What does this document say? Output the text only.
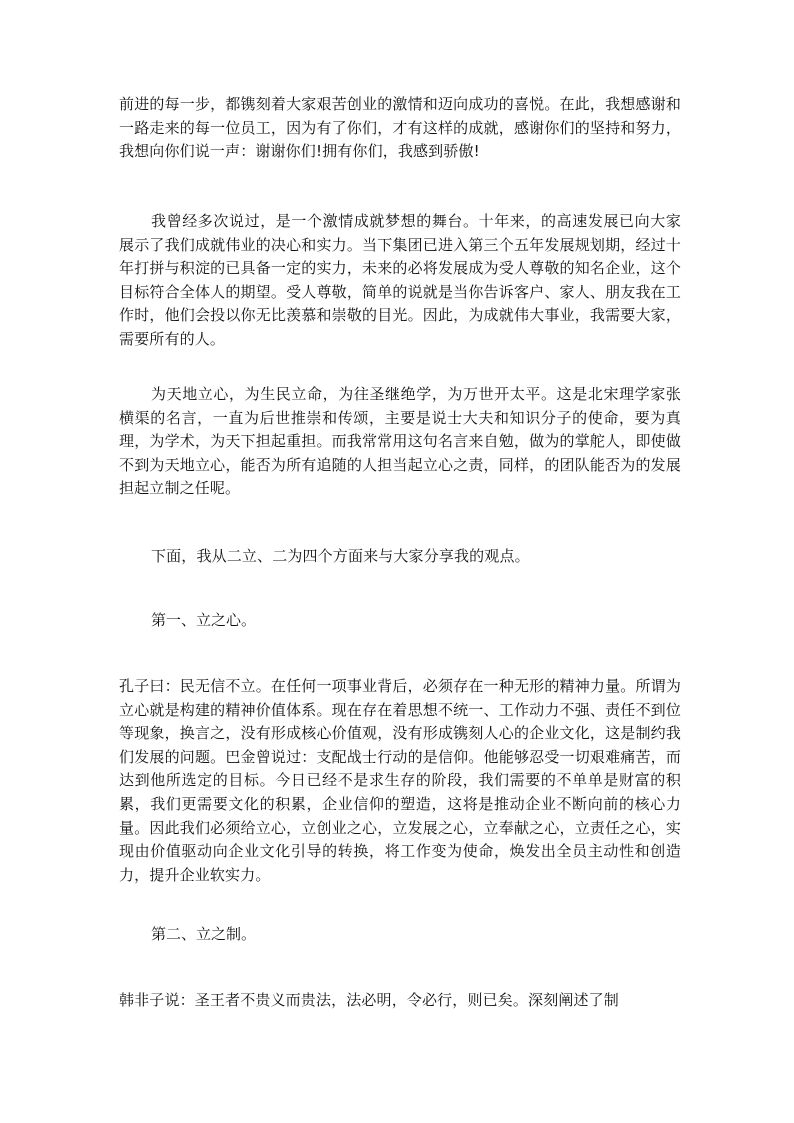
前进的每一步，都镌刻着大家艰苦创业的激情和迈向成功的喜悦。在此，我想感谢和一路走来的每一位员工，因为有了你们，才有这样的成就，感谢你们的坚持和努力，我想向你们说一声：谢谢你们!拥有你们，我感到骄傲!

我曾经多次说过，是一个激情成就梦想的舞台。十年来，的高速发展已向大家展示了我们成就伟业的决心和实力。当下集团已进入第三个五年发展规划期，经过十年打拼与积淀的已具备一定的实力，未来的必将发展成为受人尊敬的知名企业，这个目标符合全体人的期望。受人尊敬，简单的说就是当你告诉客户、家人、朋友我在工作时，他们会投以你无比羡慕和崇敬的目光。因此，为成就伟大事业，我需要大家，需要所有的人。

为天地立心，为生民立命，为往圣继绝学，为万世开太平。这是北宋理学家张横渠的名言，一直为后世推崇和传颂，主要是说士大夫和知识分子的使命，要为真理，为学术，为天下担起重担。而我常常用这句名言来自勉，做为的掌舵人，即使做不到为天地立心，能否为所有追随的人担当起立心之责，同样，的团队能否为的发展担起立制之任呢。

下面，我从二立、二为四个方面来与大家分享我的观点。

第一、立之心。

孔子曰：民无信不立。在任何一项事业背后，必须存在一种无形的精神力量。所谓为立心就是构建的精神价值体系。现在存在着思想不统一、工作动力不强、责任不到位等现象，换言之，没有形成核心价值观，没有形成镌刻人心的企业文化，这是制约我们发展的问题。巴金曾说过：支配战士行动的是信仰。他能够忍受一切艰难痛苦，而达到他所选定的目标。今日已经不是求生存的阶段，我们需要的不单单是财富的积累，我们更需要文化的积累，企业信仰的塑造，这将是推动企业不断向前的核心力量。因此我们必须给立心，立创业之心，立发展之心，立奉献之心，立责任之心，实现由价值驱动向企业文化引导的转换，将工作变为使命，焕发出全员主动性和创造力，提升企业软实力。

第二、立之制。

韩非子说：圣王者不贵义而贵法，法必明，令必行，则已矣。深刻阐述了制
